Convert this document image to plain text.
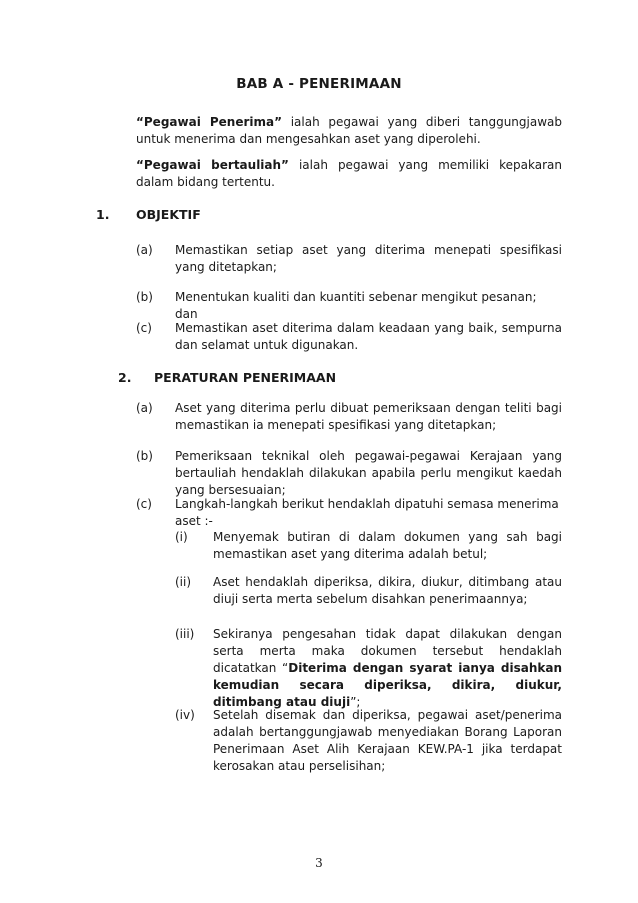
BAB A - PENERIMAAN

“Pegawai Penerima” ialah pegawai yang diberi tanggungjawab untuk menerima dan mengesahkan aset yang diperolehi.

“Pegawai bertauliah” ialah pegawai yang memiliki kepakaran dalam bidang tertentu.

1. OBJEKTIF
(a) Memastikan setiap aset yang diterima menepati spesifikasi yang ditetapkan;

(b) Menentukan kualiti dan kuantiti sebenar mengikut pesanan; dan

(c) Memastikan aset diterima dalam keadaan yang baik, sempurna dan selamat untuk digunakan.

2. PERATURAN PENERIMAAN
(a) Aset yang diterima perlu dibuat pemeriksaan dengan teliti bagi memastikan ia menepati spesifikasi yang ditetapkan;

(b) Pemeriksaan teknikal oleh pegawai-pegawai Kerajaan yang bertauliah hendaklah dilakukan apabila perlu mengikut kaedah yang bersesuaian;

(c) Langkah-langkah berikut hendaklah dipatuhi semasa menerima aset :-

(i) Menyemak butiran di dalam dokumen yang sah bagi memastikan aset yang diterima adalah betul;

(ii) Aset hendaklah diperiksa, dikira, diukur, ditimbang atau diuji serta merta sebelum disahkan penerimaannya;

(iii) Sekiranya pengesahan tidak dapat dilakukan dengan serta merta maka dokumen tersebut hendaklah dicatatkan “Diterima dengan syarat ianya disahkan kemudian secara diperiksa, dikira, diukur, ditimbang atau diuji”;

(iv) Setelah disemak dan diperiksa, pegawai aset/penerima adalah bertanggungjawab menyediakan Borang Laporan Penerimaan Aset Alih Kerajaan KEW.PA-1 jika terdapat kerosakan atau perselisihan;

3
